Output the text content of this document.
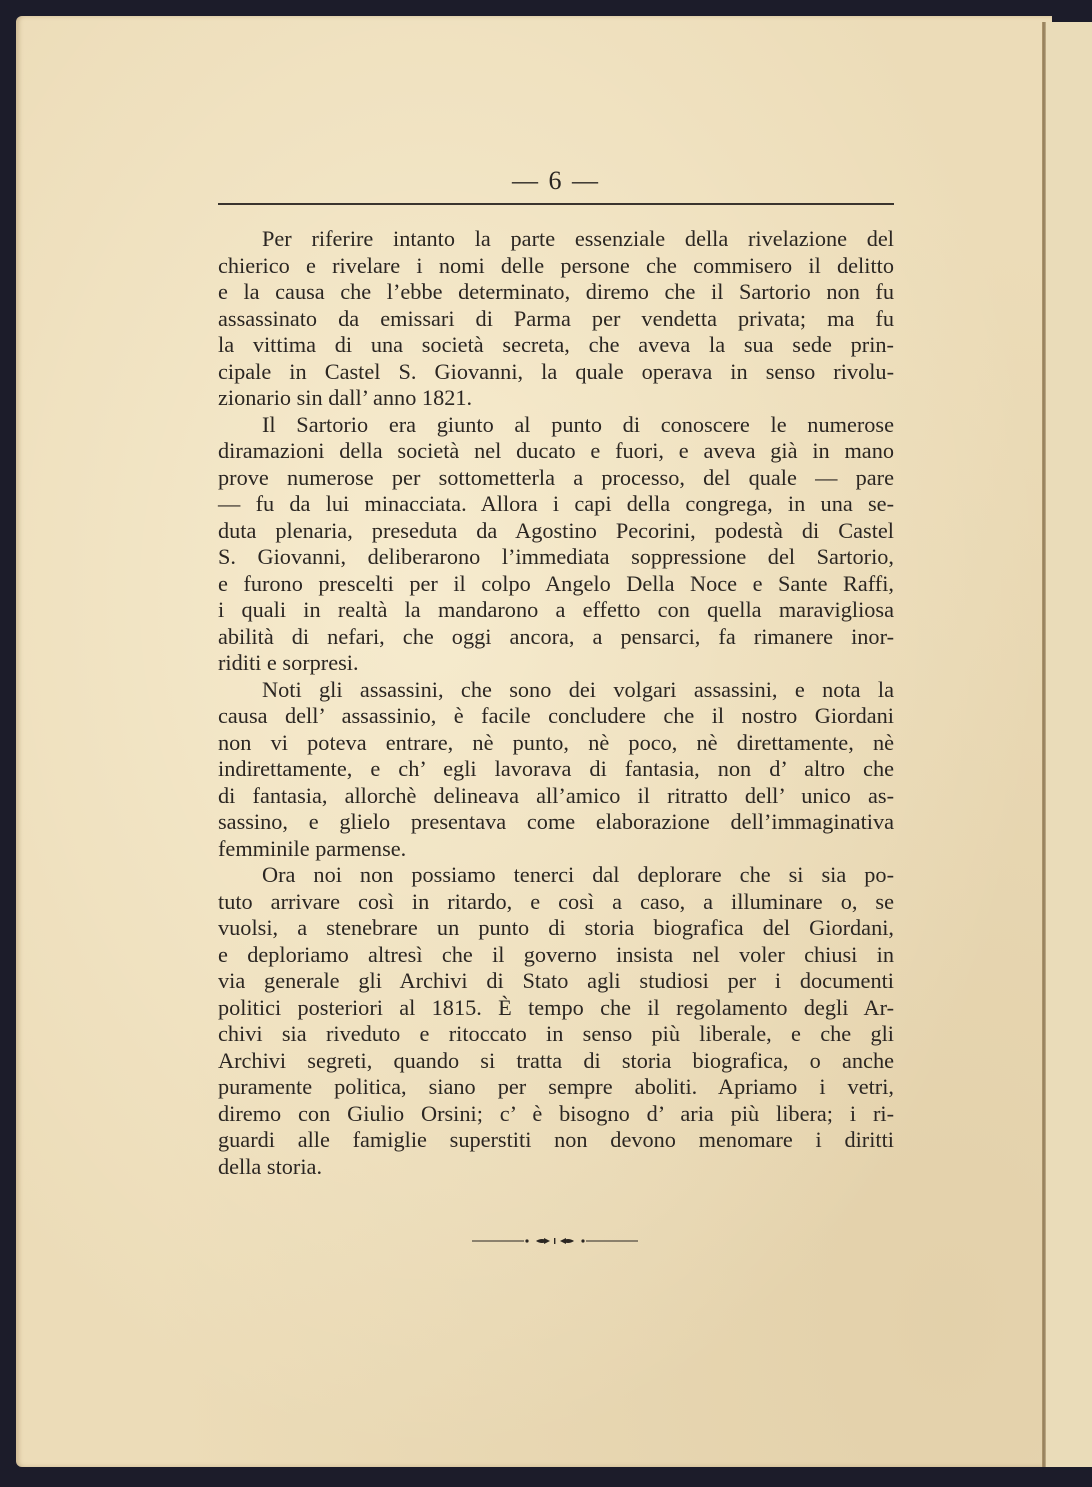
— 6 —
Per riferire intanto la parte essenziale della rivelazione del
chierico e rivelare i nomi delle persone che commisero il delitto
e la causa che l’ebbe determinato, diremo che il Sartorio non fu
assassinato da emissari di Parma per vendetta privata; ma fu
la vittima di una società secreta, che aveva la sua sede prin-
cipale in Castel S. Giovanni, la quale operava in senso rivolu-
zionario sin dall’ anno 1821.
Il Sartorio era giunto al punto di conoscere le numerose
diramazioni della società nel ducato e fuori, e aveva già in mano
prove numerose per sottometterla a processo, del quale — pare
— fu da lui minacciata. Allora i capi della congrega, in una se-
duta plenaria, preseduta da Agostino Pecorini, podestà di Castel
S. Giovanni, deliberarono l’immediata soppressione del Sartorio,
e furono prescelti per il colpo Angelo Della Noce e Sante Raffi,
i quali in realtà la mandarono a effetto con quella maravigliosa
abilità di nefari, che oggi ancora, a pensarci, fa rimanere inor-
riditi e sorpresi.
Noti gli assassini, che sono dei volgari assassini, e nota la
causa dell’ assassinio, è facile concludere che il nostro Giordani
non vi poteva entrare, nè punto, nè poco, nè direttamente, nè
indirettamente, e ch’ egli lavorava di fantasia, non d’ altro che
di fantasia, allorchè delineava all’amico il ritratto dell’ unico as-
sassino, e glielo presentava come elaborazione dell’immaginativa
femminile parmense.
Ora noi non possiamo tenerci dal deplorare che si sia po-
tuto arrivare così in ritardo, e così a caso, a illuminare o, se
vuolsi, a stenebrare un punto di storia biografica del Giordani,
e deploriamo altresì che il governo insista nel voler chiusi in
via generale gli Archivi di Stato agli studiosi per i documenti
politici posteriori al 1815. È tempo che il regolamento degli Ar-
chivi sia riveduto e ritoccato in senso più liberale, e che gli
Archivi segreti, quando si tratta di storia biografica, o anche
puramente politica, siano per sempre aboliti. Apriamo i vetri,
diremo con Giulio Orsini; c’ è bisogno d’ aria più libera; i ri-
guardi alle famiglie superstiti non devono menomare i diritti
della storia.
